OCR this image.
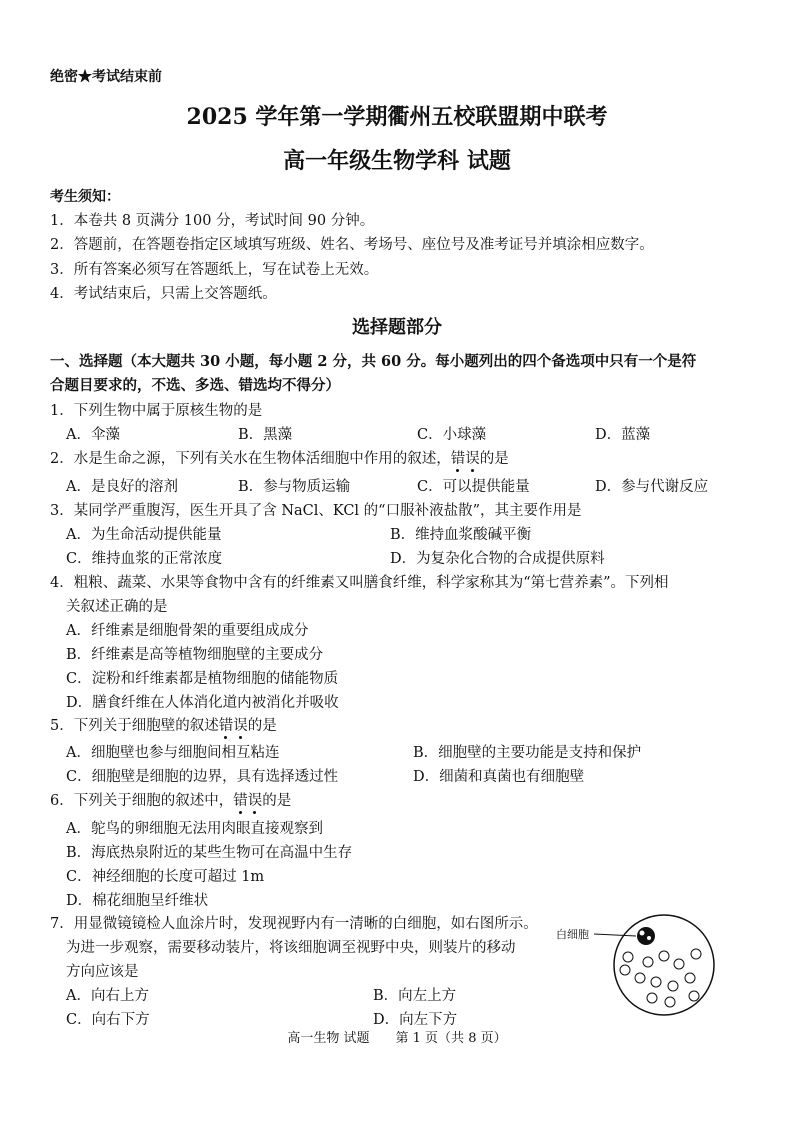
绝密★考试结束前
2025 学年第一学期衢州五校联盟期中联考
高一年级生物学科 试题
考生须知：
1．本卷共 8 页满分 100 分，考试时间 90 分钟。
2．答题前，在答题卷指定区域填写班级、姓名、考场号、座位号及准考证号并填涂相应数字。
3．所有答案必须写在答题纸上，写在试卷上无效。
4．考试结束后，只需上交答题纸。
选择题部分
一、选择题（本大题共 30 小题，每小题 2 分，共 60 分。每小题列出的四个备选项中只有一个是符
合题目要求的，不选、多选、错选均不得分）
1．下列生物中属于原核生物的是
A．伞藻	B．黑藻	C．小球藻	D．蓝藻
2．水是生命之源，下列有关水在生物体活细胞中作用的叙述，错误的是
A．是良好的溶剂	B．参与物质运输	C．可以提供能量	D．参与代谢反应
3．某同学严重腹泻，医生开具了含 NaCl、KCl 的“口服补液盐散”，其主要作用是
A．为生命活动提供能量	B．维持血浆酸碱平衡
C．维持血浆的正常浓度	D．为复杂化合物的合成提供原料
4．粗粮、蔬菜、水果等食物中含有的纤维素又叫膳食纤维，科学家称其为“第七营养素”。下列相
关叙述正确的是
A．纤维素是细胞骨架的重要组成成分
B．纤维素是高等植物细胞壁的主要成分
C．淀粉和纤维素都是植物细胞的储能物质
D．膳食纤维在人体消化道内被消化并吸收
5．下列关于细胞壁的叙述错误的是
A．细胞壁也参与细胞间相互粘连	B．细胞壁的主要功能是支持和保护
C．细胞壁是细胞的边界，具有选择透过性	D．细菌和真菌也有细胞壁
6．下列关于细胞的叙述中，错误的是
A．鸵鸟的卵细胞无法用肉眼直接观察到
B．海底热泉附近的某些生物可在高温中生存
C．神经细胞的长度可超过 1m
D．棉花细胞呈纤维状
7．用显微镜镜检人血涂片时，发现视野内有一清晰的白细胞，如右图所示。
为进一步观察，需要移动装片，将该细胞调至视野中央，则装片的移动
方向应该是
A．向右上方	B．向左上方
C．向右下方	D．向左下方
白细胞
高一生物 试题　　第 1 页（共 8 页）
